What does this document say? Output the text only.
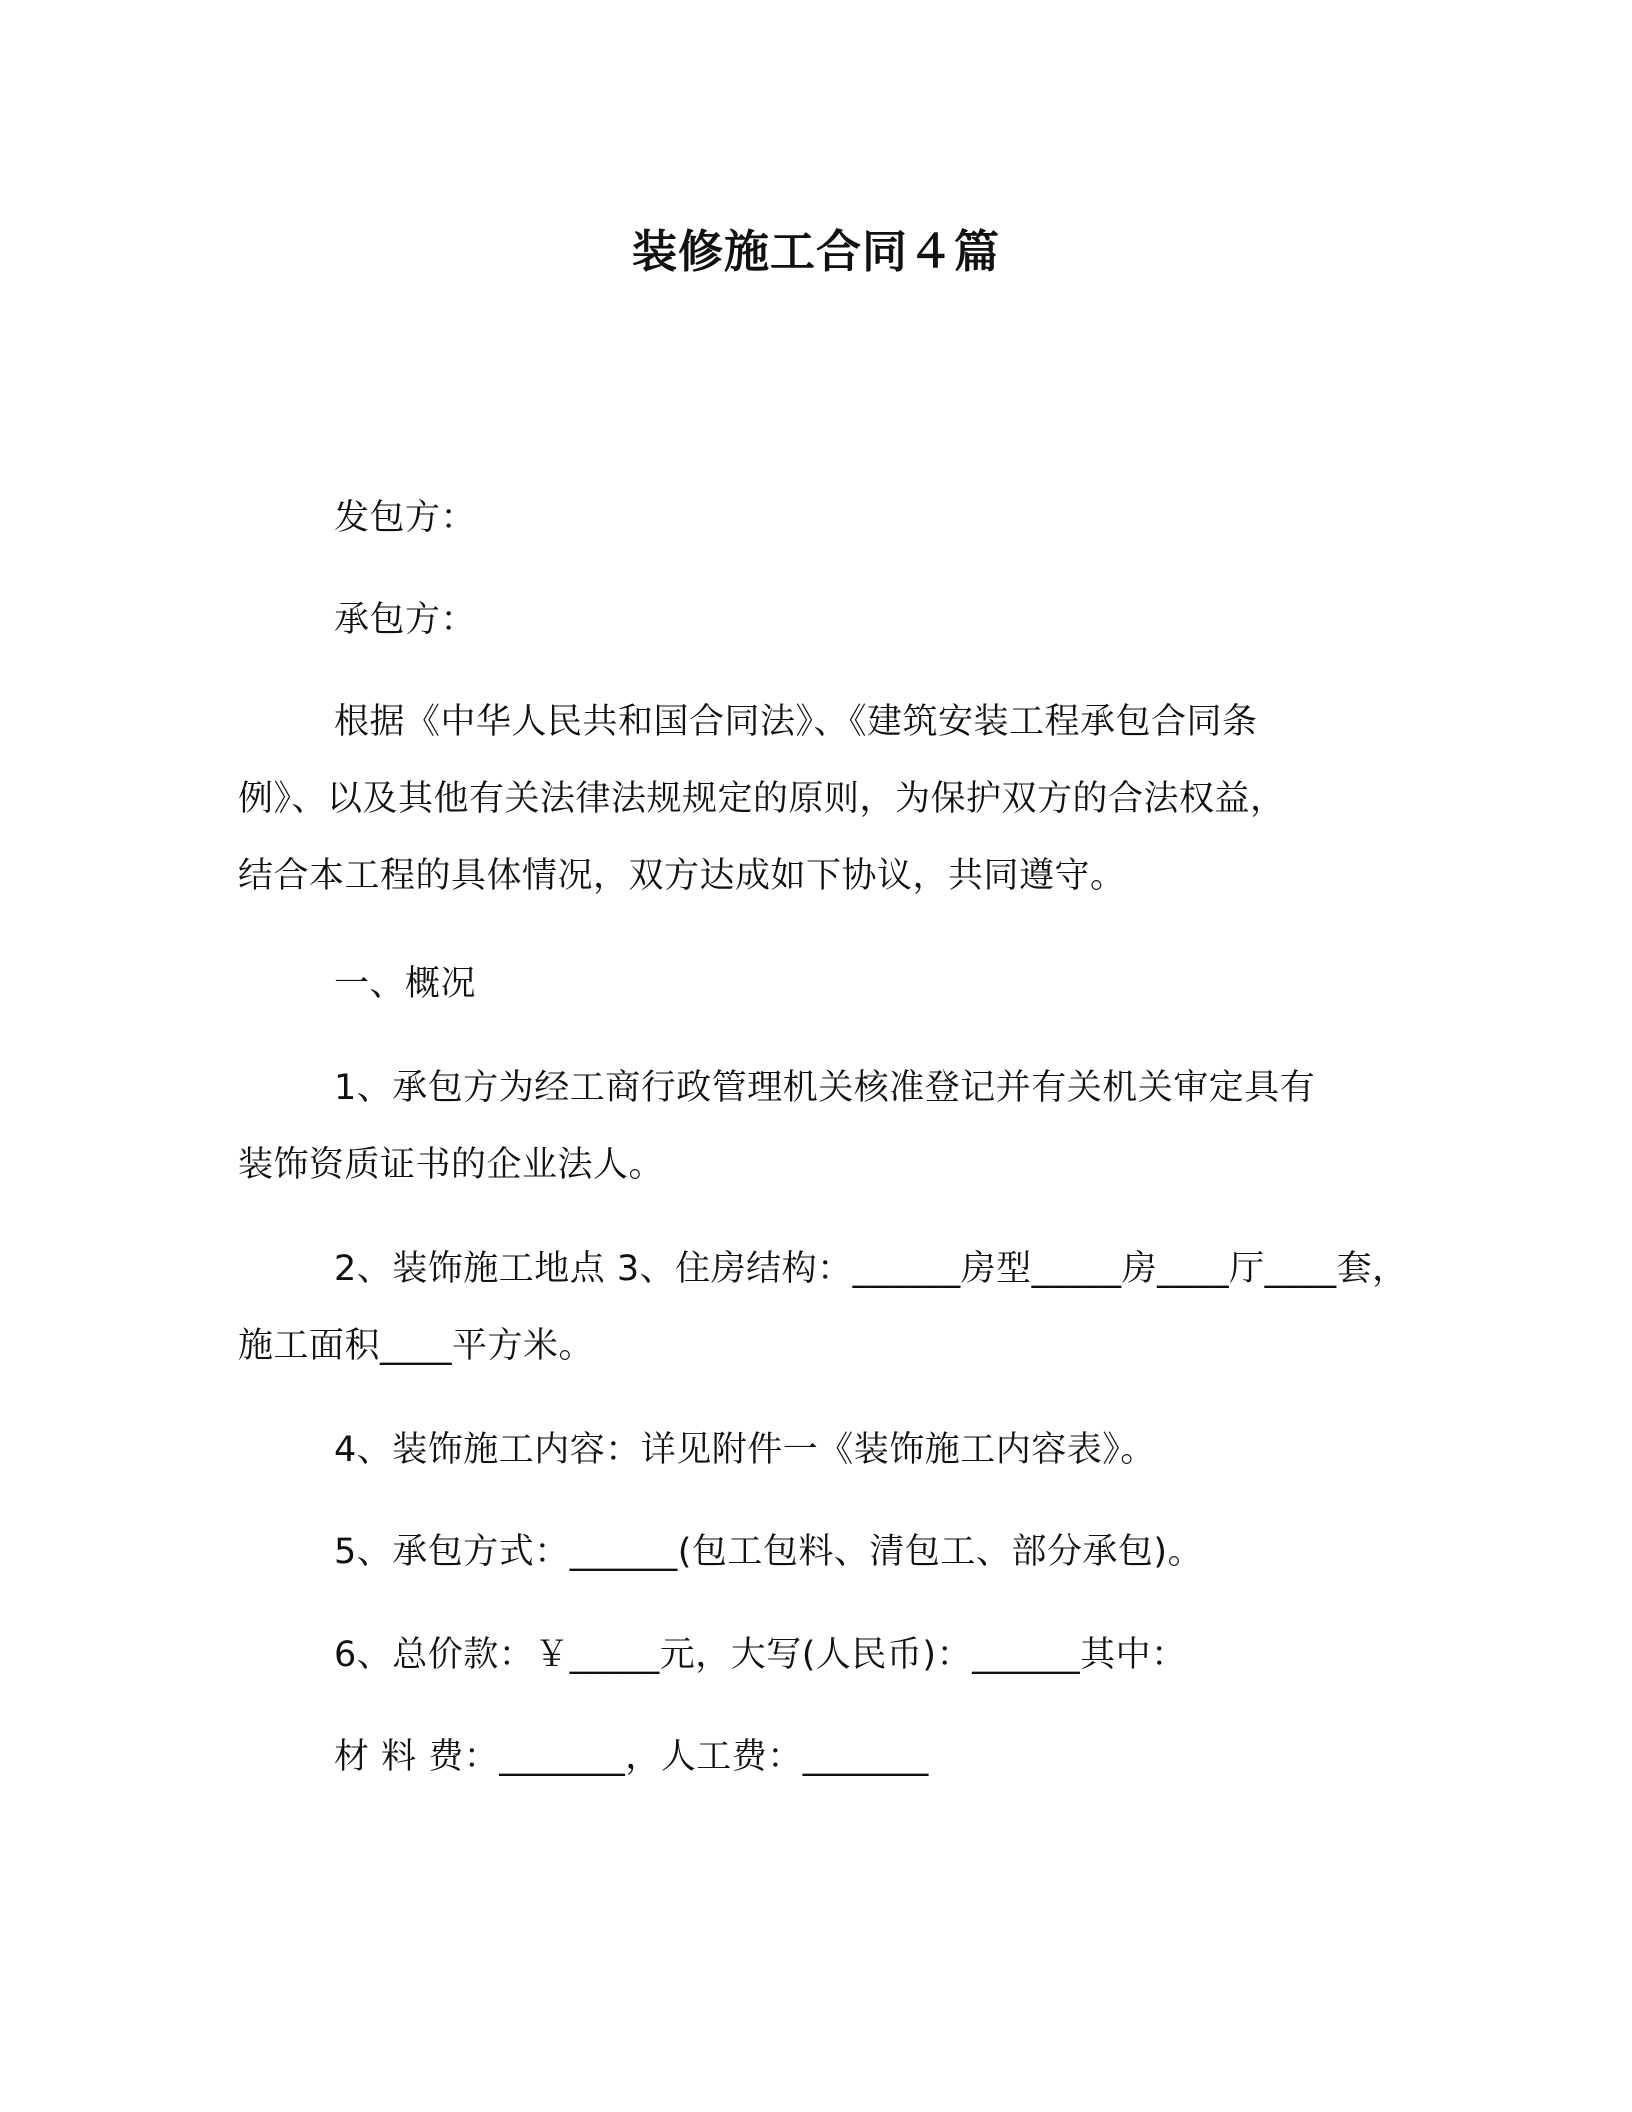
装修施工合同４篇
发包方：
承包方：
根据《中华人民共和国合同法》、《建筑安装工程承包合同条
例》、以及其他有关法律法规规定的原则，为保护双方的合法权益，
结合本工程的具体情况，双方达成如下协议，共同遵守。
一、概况
1、承包方为经工商行政管理机关核准登记并有关机关审定具有
装饰资质证书的企业法人。
2、装饰施工地点 3、住房结构：______房型_____房____厅____套，
施工面积____平方米。
4、装饰施工内容：详见附件一《装饰施工内容表》。
5、承包方式：______(包工包料、清包工、部分承包)。
6、总价款：￥_____元，大写(人民币)：______其中：
材 料 费：_______，人工费：_______
